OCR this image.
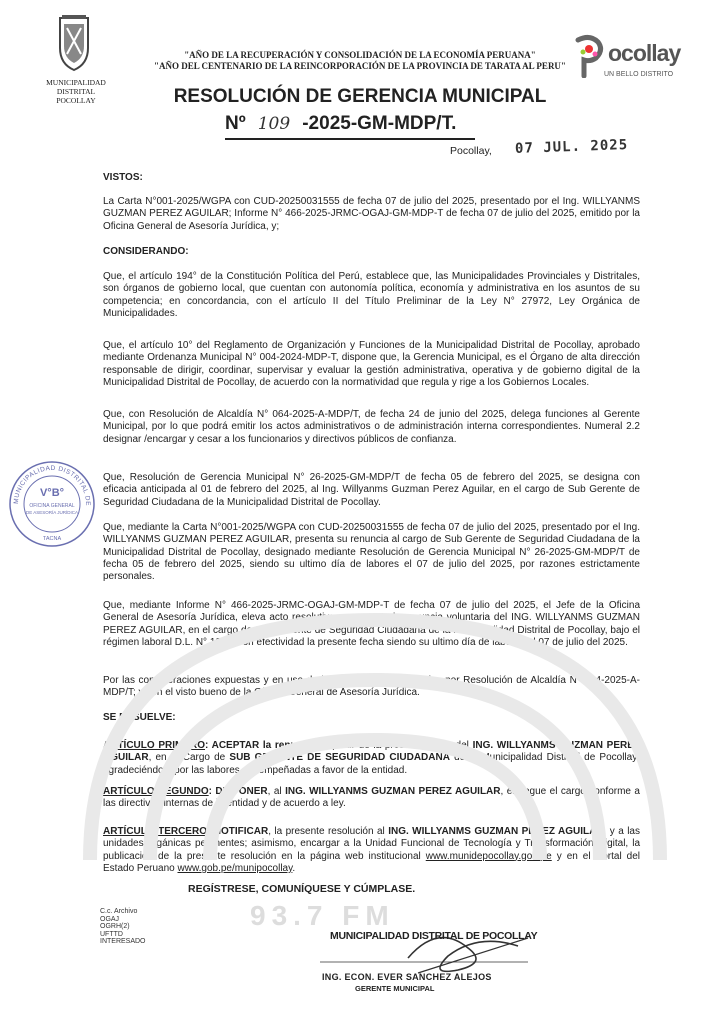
MUNICIPALIDAD
DISTRITAL
POCOLLAY
"AÑO DE LA RECUPERACIÓN Y CONSOLIDACIÓN DE LA ECONOMÍA PERUANA"
"AÑO DEL CENTENARIO DE LA REINCORPORACIÓN DE LA PROVINCIA DE TARATA AL PERU"	ocollay
UN BELLO DISTRITO
RESOLUCIÓN DE GERENCIA MUNICIPAL
Nº 109 -2025-GM-MDP/T.
Pocollay, 07 JUL. 2025
VISTOS:
La Carta N°001-2025/WGPA con CUD-20250031555 de fecha 07 de julio del 2025, presentado por el Ing. WILLYANMS GUZMAN PEREZ AGUILAR; Informe N° 466-2025-JRMC-OGAJ-GM-MDP-T de fecha 07 de julio del 2025, emitido por la Oficina General de Asesoría Jurídica, y;
CONSIDERANDO:
Que, el artículo 194° de la Constitución Política del Perú, establece que, las Municipalidades Provinciales y Distritales, son órganos de gobierno local, que cuentan con autonomía política, economía y administrativa en los asuntos de su competencia; en concordancia, con el artículo II del Título Preliminar de la Ley N° 27972, Ley Orgánica de Municipalidades.
Que, el artículo 10° del Reglamento de Organización y Funciones de la Municipalidad Distrital de Pocollay, aprobado mediante Ordenanza Municipal N° 004-2024-MDP-T, dispone que, la Gerencia Municipal, es el Órgano de alta dirección responsable de dirigir, coordinar, supervisar y evaluar la gestión administrativa, operativa y de gobierno digital de la Municipalidad Distrital de Pocollay, de acuerdo con la normatividad que regula y rige a los Gobiernos Locales.
Que, con Resolución de Alcaldía N° 064-2025-A-MDP/T, de fecha 24 de junio del 2025, delega funciones al Gerente Municipal, por lo que podrá emitir los actos administrativos o de administración interna correspondientes. Numeral 2.2 designar /encargar y cesar a los funcionarios y directivos públicos de confianza.
Que, Resolución de Gerencia Municipal N° 26-2025-GM-MDP/T de fecha 05 de febrero del 2025, se designa con eficacia anticipada al 01 de febrero del 2025, al Ing. Willyanms Guzman Perez Aguilar, en el cargo de Sub Gerente de Seguridad Ciudadana de la Municipalidad Distrital de Pocollay.
Que, mediante la Carta N°001-2025/WGPA con CUD-20250031555 de fecha 07 de julio del 2025, presentado por el Ing. WILLYANMS GUZMAN PEREZ AGUILAR, presenta su renuncia al cargo de Sub Gerente de Seguridad Ciudadana de la Municipalidad Distrital de Pocollay, designado mediante Resolución de Gerencia Municipal N° 26-2025-GM-MDP/T de fecha 05 de febrero del 2025, siendo su ultimo día de labores el 07 de julio del 2025, por razones estrictamente personales.
Que, mediante Informe N° 466-2025-JRMC-OGAJ-GM-MDP-T de fecha 07 de julio del 2025, el Jefe de la Oficina General de Asesoría Jurídica, eleva acto resolutivo que acepta la renuncia voluntaria del ING. WILLYANMS GUZMAN PEREZ AGUILAR, en el cargo de Sub Gerente de Seguridad Ciudadana de la Municipalidad Distrital de Pocollay, bajo el régimen laboral D.L. N° 1057, con efectividad la presente fecha siendo su ultimo día de labores el 07 de julio del 2025.
Por las consideraciones expuestas y en uso de las atribuciones conferidas por Resolución de Alcaldía N° 064-2025-A-MDP/T; y con el visto bueno de la Oficina General de Asesoría Jurídica.
SE RESUELVE:
ARTÍCULO PRIMERO: ACEPTAR la renuncia, a partir de la presente fecha del ING. WILLYANMS GUZMAN PEREZ AGUILAR, en el Cargo de SUB GERENTE DE SEGURIDAD CIUDADANA de la Municipalidad Distrital de Pocollay; agradeciéndole por las labores desempeñadas a favor de la entidad.
ARTÍCULO SEGUNDO: DISPONER, al ING. WILLYANMS GUZMAN PEREZ AGUILAR, entregue el cargo conforme a las directivas internas de la entidad y de acuerdo a ley.
ARTÍCULO TERCERO: NOTIFICAR, la presente resolución al ING. WILLYANMS GUZMAN PEREZ AGUILAR, y a las unidades orgánicas pertinentes; asimismo, encargar a la Unidad Funcional de Tecnología y Transformación Digital, la publicación de la presente resolución en la página web institucional www.munidepocollay.gob.pe y en el Portal del Estado Peruano www.gob.pe/munipocollay.
REGÍSTRESE, COMUNÍQUESE Y CÚMPLASE.
V°B°
OFICINA GENERAL
DE ASESORÍA JURÍDICA
TACNA
MUNICIPALIDAD DISTRITAL DE
93.7 FM
C.c. Archivo
OGAJ
OGRH(2)
UFTTD
INTERESADO	MUNICIPALIDAD DISTRITAL DE POCOLLAY
ING. ECON. EVER SANCHEZ ALEJOS
GERENTE MUNICIPAL
